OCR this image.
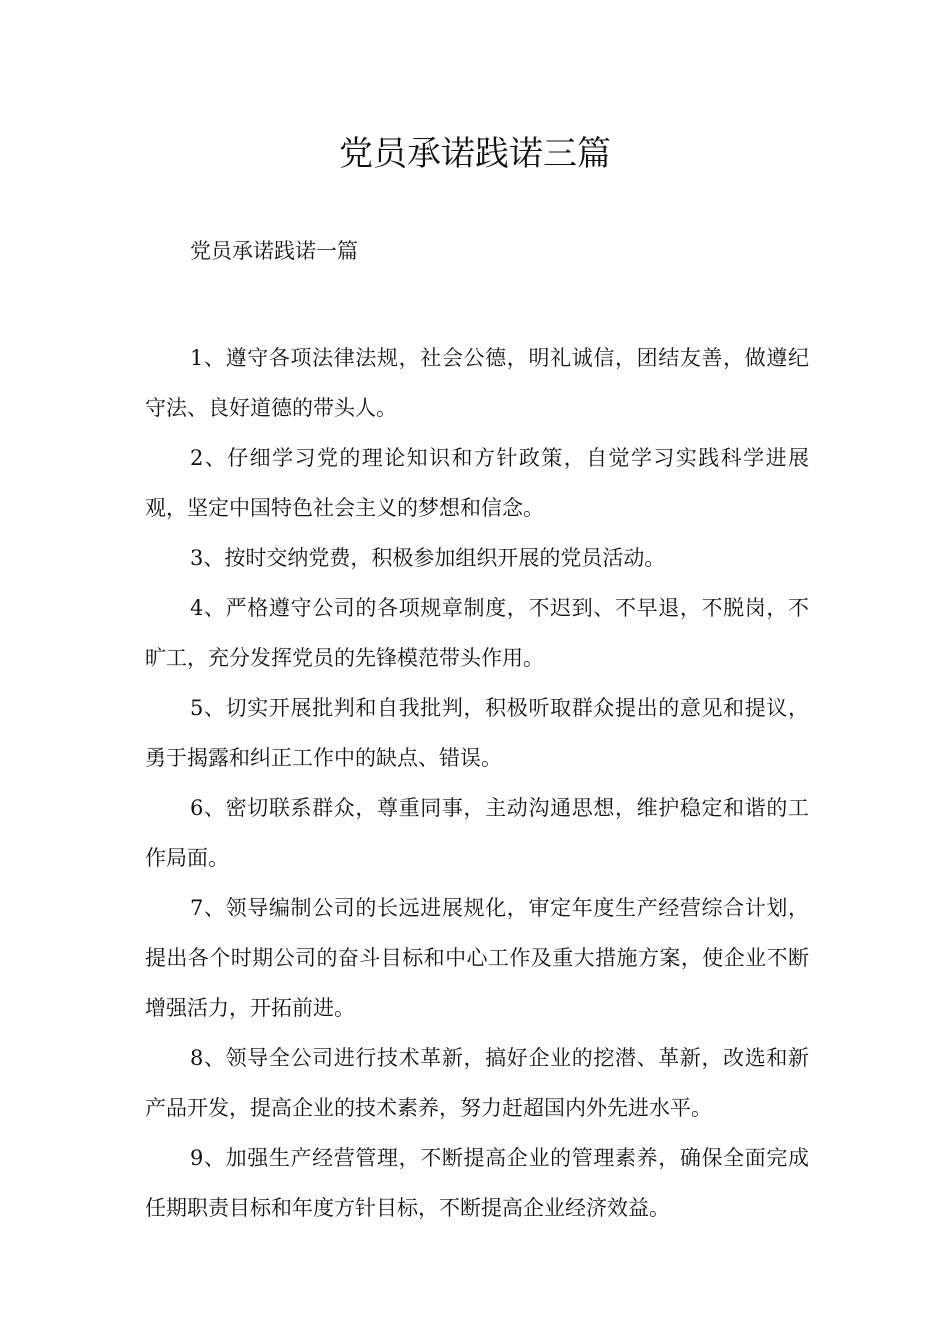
党员承诺践诺三篇
党员承诺践诺一篇

1、遵守各项法律法规，社会公德，明礼诚信，团结友善，做遵纪守法、良好道德的带头人。

2、仔细学习党的理论知识和方针政策，自觉学习实践科学进展观，坚定中国特色社会主义的梦想和信念。

3、按时交纳党费，积极参加组织开展的党员活动。

4、严格遵守公司的各项规章制度，不迟到、不早退，不脱岗，不旷工，充分发挥党员的先锋模范带头作用。

5、切实开展批判和自我批判，积极听取群众提出的意见和提议，勇于揭露和纠正工作中的缺点、错误。

6、密切联系群众，尊重同事，主动沟通思想，维护稳定和谐的工作局面。

7、领导编制公司的长远进展规化，审定年度生产经营综合计划，提出各个时期公司的奋斗目标和中心工作及重大措施方案，使企业不断增强活力，开拓前进。

8、领导全公司进行技术革新，搞好企业的挖潜、革新，改选和新产品开发，提高企业的技术素养，努力赶超国内外先进水平。

9、加强生产经营管理，不断提高企业的管理素养，确保全面完成任期职责目标和年度方针目标，不断提高企业经济效益。
